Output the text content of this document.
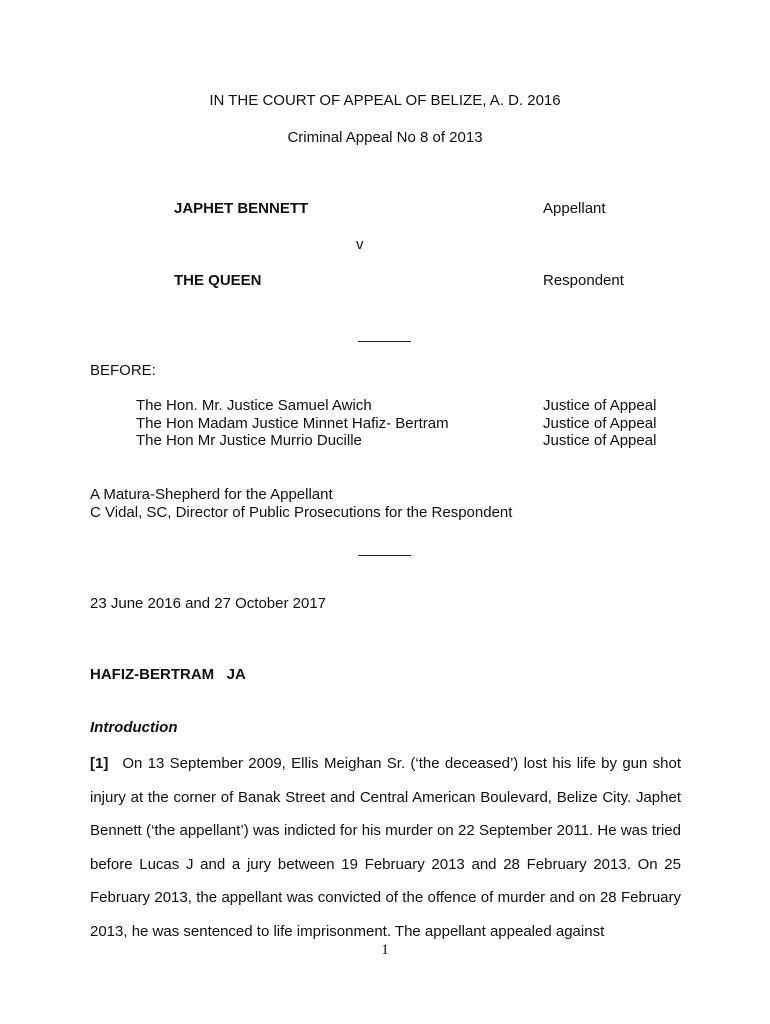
IN THE COURT OF APPEAL OF BELIZE, A. D. 2016
Criminal Appeal No 8 of 2013
JAPHET BENNETT	Appellant
v
THE QUEEN	Respondent
BEFORE:
The Hon. Mr. Justice Samuel Awich
The Hon Madam Justice Minnet Hafiz- Bertram
The Hon Mr Justice Murrio Ducille
Justice of Appeal
Justice of Appeal
Justice of Appeal
A Matura-Shepherd for the Appellant
C Vidal, SC, Director of Public Prosecutions for the Respondent
23 June 2016 and 27 October 2017
HAFIZ-BERTRAM   JA
Introduction
[1] On 13 September 2009, Ellis Meighan Sr. (‘the deceased’) lost his life by gun shot injury at the corner of Banak Street and Central American Boulevard, Belize City. Japhet Bennett (‘the appellant’) was indicted for his murder on 22 September 2011. He was tried before Lucas J and a jury between 19 February 2013 and 28 February 2013. On 25 February 2013, the appellant was convicted of the offence of murder and on 28 February 2013, he was sentenced to life imprisonment. The appellant appealed against
1
